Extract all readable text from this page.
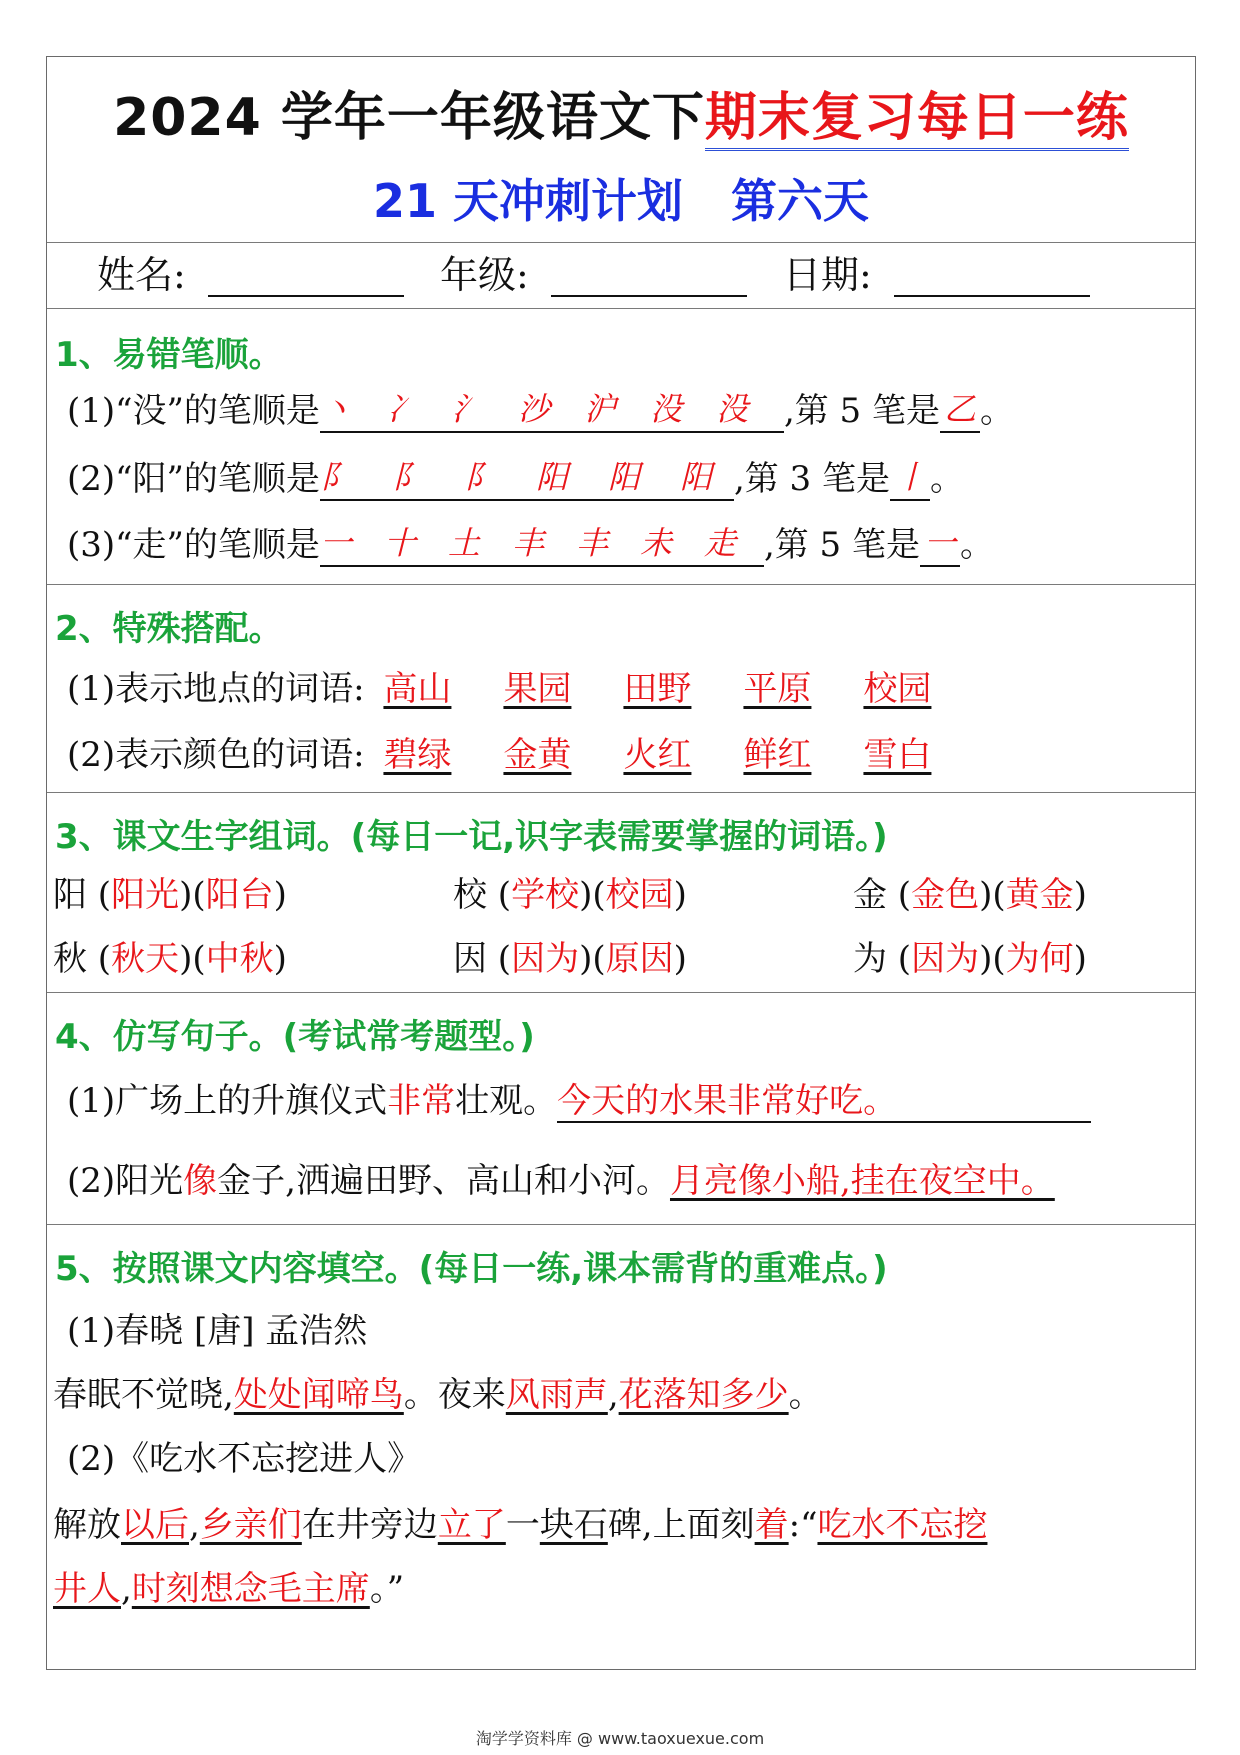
2024 学年一年级语文下期末复习每日一练
21 天冲刺计划 第六天
姓名:	年级:	日期:
1、易错笔顺。
(1)“没”的笔顺是丶 冫 氵 沙 沪 没 没 ,第 5 笔是 乙 。
(2)“阳”的笔顺是阝 阝 阝 阳 阳 阳 ,第 3 笔是 丨 。
(3)“走”的笔顺是一 十 土 丰 丰 未 走 ,第 5 笔是 一 。
2、特殊搭配。
(1)表示地点的词语: 高山 果园 田野 平原 校园
(2)表示颜色的词语: 碧绿 金黄 火红 鲜红 雪白
3、课文生字组词。(每日一记,识字表需要掌握的词语。)
阳 (阳光)(阳台)	校 (学校)(校园)	金 (金色)(黄金)
秋 (秋天)(中秋)	因 (因为)(原因)	为 (因为)(为何)
4、仿写句子。(考试常考题型。)
(1)广场上的升旗仪式非常壮观。今天的水果非常好吃。
(2)阳光像金子,洒遍田野、高山和小河。月亮像小船,挂在夜空中。
5、按照课文内容填空。(每日一练,课本需背的重难点。)
(1)春晓 [唐] 孟浩然
春眠不觉晓,处处闻啼鸟。夜来风雨声,花落知多少。
(2)《吃水不忘挖进人》
解放以后,乡亲们在井旁边立了一块石碑,上面刻着:“吃水不忘挖
井人,时刻想念毛主席。”
淘学学资料库 @ www.taoxuexue.com
